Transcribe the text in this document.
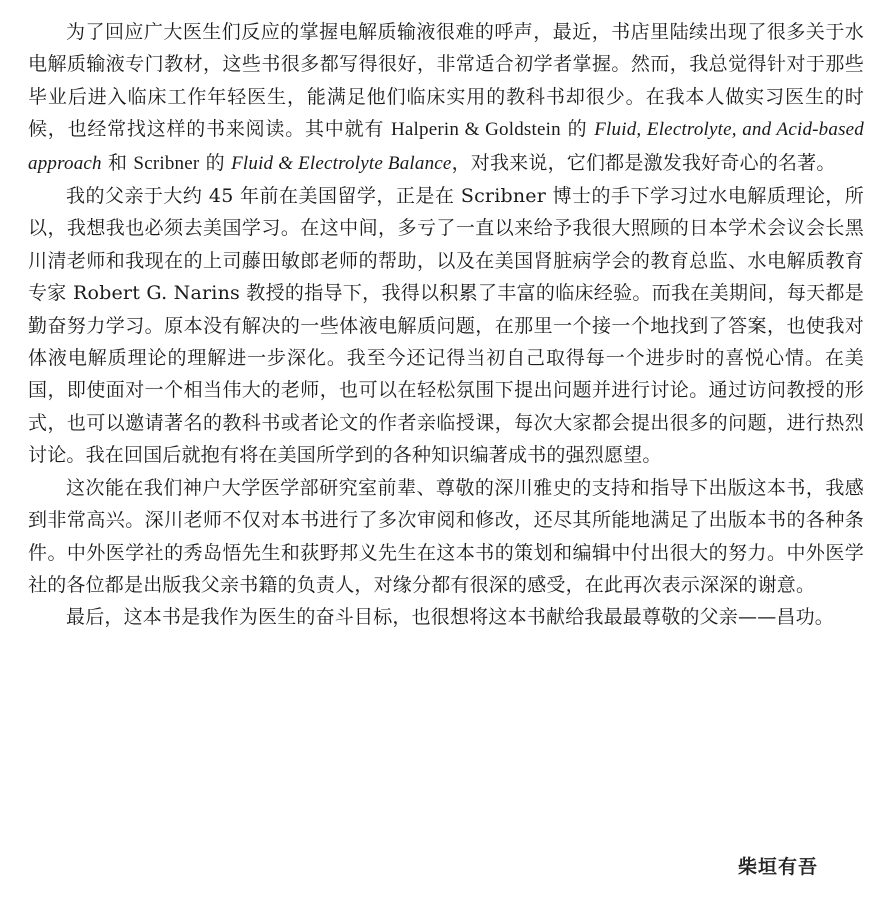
为了回应广大医生们反应的掌握电解质输液很难的呼声，最近，书店里陆续出现了很多关于水电解质输液专门教材，这些书很多都写得很好，非常适合初学者掌握。然而，我总觉得针对于那些毕业后进入临床工作年轻医生，能满足他们临床实用的教科书却很少。在我本人做实习医生的时候，也经常找这样的书来阅读。其中就有 Halperin & Goldstein 的 Fluid, Electrolyte, and Acid-based approach 和 Scribner 的 Fluid & Electrolyte Balance，对我来说，它们都是激发我好奇心的名著。

我的父亲于大约 45 年前在美国留学，正是在 Scribner 博士的手下学习过水电解质理论，所以，我想我也必须去美国学习。在这中间，多亏了一直以来给予我很大照顾的日本学术会议会长黑川清老师和我现在的上司藤田敏郎老师的帮助，以及在美国肾脏病学会的教育总监、水电解质教育专家 Robert G. Narins 教授的指导下，我得以积累了丰富的临床经验。而我在美期间，每天都是勤奋努力学习。原本没有解决的一些体液电解质问题，在那里一个接一个地找到了答案，也使我对体液电解质理论的理解进一步深化。我至今还记得当初自己取得每一个进步时的喜悦心情。在美国，即使面对一个相当伟大的老师，也可以在轻松氛围下提出问题并进行讨论。通过访问教授的形式，也可以邀请著名的教科书或者论文的作者亲临授课，每次大家都会提出很多的问题，进行热烈讨论。我在回国后就抱有将在美国所学到的各种知识编著成书的强烈愿望。

这次能在我们神户大学医学部研究室前辈、尊敬的深川雅史的支持和指导下出版这本书，我感到非常高兴。深川老师不仅对本书进行了多次审阅和修改，还尽其所能地满足了出版本书的各种条件。中外医学社的秀岛悟先生和荻野邦义先生在这本书的策划和编辑中付出很大的努力。中外医学社的各位都是出版我父亲书籍的负责人，对缘分都有很深的感受，在此再次表示深深的谢意。

最后，这本书是我作为医生的奋斗目标，也很想将这本书献给我最最尊敬的父亲——昌功。

柴垣有吾
